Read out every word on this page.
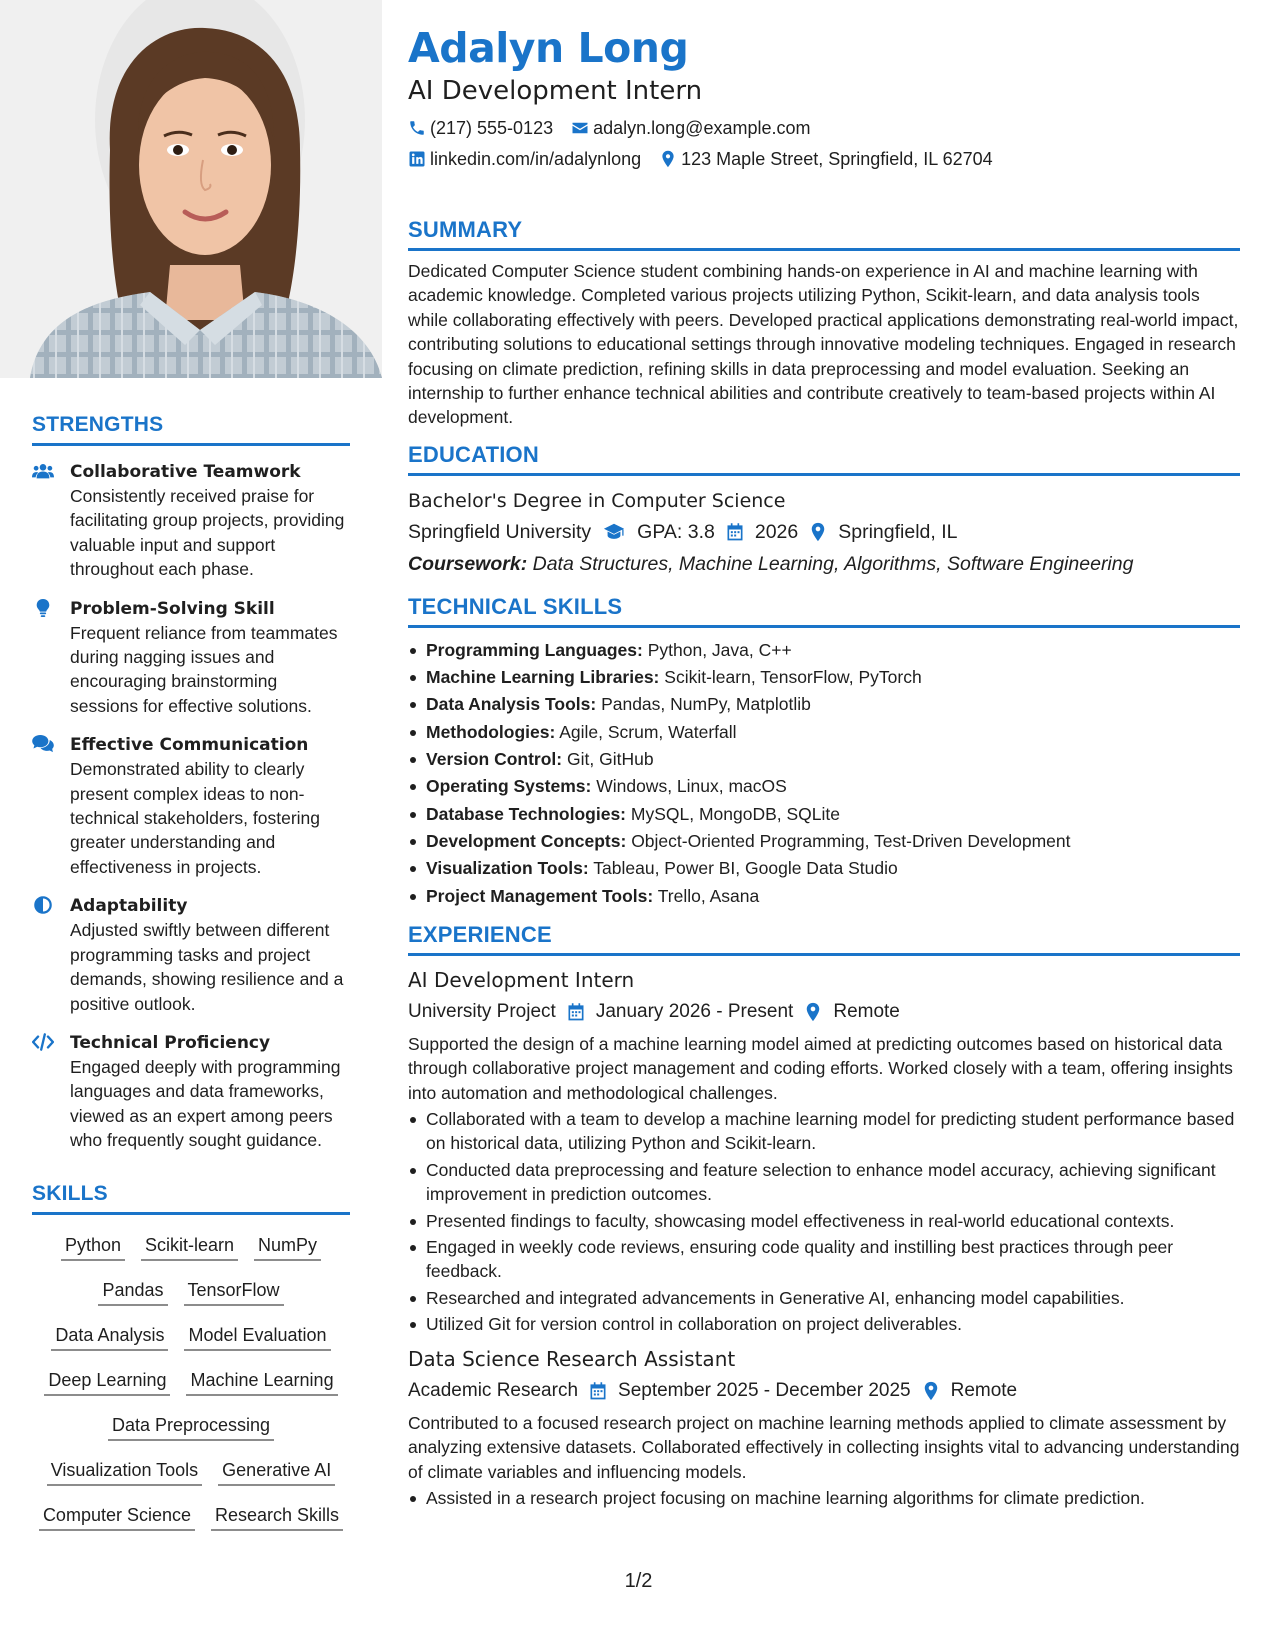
STRENGTHS
Collaborative Teamwork
Consistently received praise for facilitating group projects, providing valuable input and support throughout each phase.
Problem-Solving Skill
Frequent reliance from teammates during nagging issues and encouraging brainstorming sessions for effective solutions.
Effective Communication
Demonstrated ability to clearly present complex ideas to non-technical stakeholders, fostering greater understanding and effectiveness in projects.
Adaptability
Adjusted swiftly between different programming tasks and project demands, showing resilience and a positive outlook.
Technical Proficiency
Engaged deeply with programming languages and data frameworks, viewed as an expert among peers who frequently sought guidance.
SKILLS
Python Scikit-learn NumPy
Pandas TensorFlow
Data Analysis Model Evaluation
Deep Learning Machine Learning
Data Preprocessing
Visualization Tools Generative AI
Computer Science Research Skills
Adalyn Long
AI Development Intern
(217) 555-0123 adalyn.long@example.com
linkedin.com/in/adalynlong 123 Maple Street, Springfield, IL 62704
SUMMARY
Dedicated Computer Science student combining hands-on experience in AI and machine learning with academic knowledge. Completed various projects utilizing Python, Scikit-learn, and data analysis tools while collaborating effectively with peers. Developed practical applications demonstrating real-world impact, contributing solutions to educational settings through innovative modeling techniques. Engaged in research focusing on climate prediction, refining skills in data preprocessing and model evaluation. Seeking an internship to further enhance technical abilities and contribute creatively to team-based projects within AI development.
EDUCATION
Bachelor's Degree in Computer Science
Springfield University GPA: 3.8 2026 Springfield, IL
Coursework: Data Structures, Machine Learning, Algorithms, Software Engineering
TECHNICAL SKILLS
Programming Languages: Python, Java, C++
Machine Learning Libraries: Scikit-learn, TensorFlow, PyTorch
Data Analysis Tools: Pandas, NumPy, Matplotlib
Methodologies: Agile, Scrum, Waterfall
Version Control: Git, GitHub
Operating Systems: Windows, Linux, macOS
Database Technologies: MySQL, MongoDB, SQLite
Development Concepts: Object-Oriented Programming, Test-Driven Development
Visualization Tools: Tableau, Power BI, Google Data Studio
Project Management Tools: Trello, Asana
EXPERIENCE
AI Development Intern
University Project January 2026 - Present Remote
Supported the design of a machine learning model aimed at predicting outcomes based on historical data through collaborative project management and coding efforts. Worked closely with a team, offering insights into automation and methodological challenges.
Collaborated with a team to develop a machine learning model for predicting student performance based on historical data, utilizing Python and Scikit-learn.
Conducted data preprocessing and feature selection to enhance model accuracy, achieving significant improvement in prediction outcomes.
Presented findings to faculty, showcasing model effectiveness in real-world educational contexts.
Engaged in weekly code reviews, ensuring code quality and instilling best practices through peer feedback.
Researched and integrated advancements in Generative AI, enhancing model capabilities.
Utilized Git for version control in collaboration on project deliverables.
Data Science Research Assistant
Academic Research September 2025 - December 2025 Remote
Contributed to a focused research project on machine learning methods applied to climate assessment by analyzing extensive datasets. Collaborated effectively in collecting insights vital to advancing understanding of climate variables and influencing models.
Assisted in a research project focusing on machine learning algorithms for climate prediction.
1/2
